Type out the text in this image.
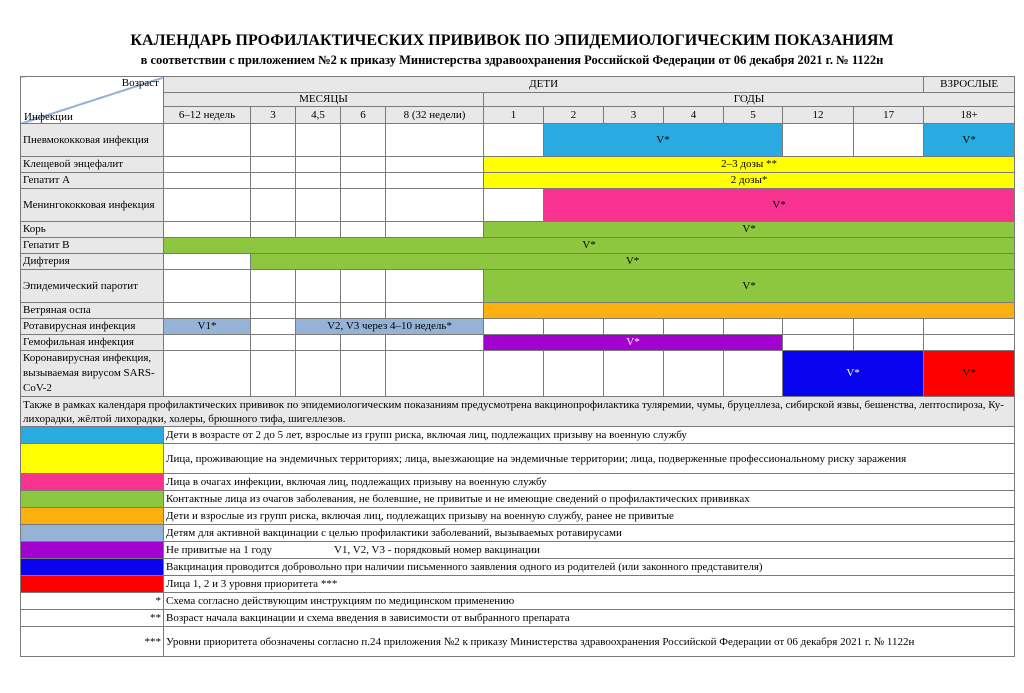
КАЛЕНДАРЬ ПРОФИЛАКТИЧЕСКИХ ПРИВИВОК ПО ЭПИДЕМИОЛОГИЧЕСКИМ ПОКАЗАНИЯМ
в соответствии с приложением №2 к приказу Министерства здравоохранения Российской Федерации от 06 декабря 2021 г. № 1122н
Возраст
Инфекции	ДЕТИ												ВЗРОСЛЫЕ
	МЕСЯЦЫ					ГОДЫ							
	6–12 недель	3	4,5	6	8 (32 недели)	1	2	3	4	5	12	17	18+
Пневмококковая инфекция							V*						V*
Клещевой энцефалит						2–3 дозы **							
Гепатит А						2 дозы*							
Менингококковая инфекция							V*						
Корь						V*							
Гепатит B	V*												
Дифтерия		V*											
Эпидемический паротит						V*							
Ветряная оспа													
Ротавирусная инфекция	V1*		V2, V3 через 4–10 недель*										
Гемофильная инфекция						V*							
Коронавирусная инфекция, вызываемая вирусом SARS-CoV-2											V*		V*
Также в рамках календаря профилактических прививок по эпидемиологическим показаниям предусмотрена вакцинопрофилактика туляремии, чумы, бруцеллеза, сибирской язвы, бешенства, лептоспироза, Ку-лихорадки, жёлтой лихорадки, холеры, брюшного тифа, шигеллезов.													
	Дети в возрасте от 2 до 5 лет, взрослые из групп риска, включая лиц, подлежащих призыву на военную службу												
	Лица, проживающие на эндемичных территориях; лица, выезжающие на эндемичные территории; лица, подверженные профессиональному риску заражения												
	Лица в очагах инфекции, включая лиц, подлежащих призыву на военную службу												
	Контактные лица из очагов заболевания, не болевшие, не привитые и не имеющие сведений о профилактических прививках												
	Дети и взрослые из групп риска, включая лиц, подлежащих призыву на военную службу, ранее не привитые												
	Детям для активной вакцинации с целью профилактики заболеваний, вызываемых ротавирусами												
	Не привитые на 1 году V1, V2, V3 - порядковый номер вакцинации												
	Вакцинация проводится добровольно при наличии письменного заявления одного из родителей (или законного представителя)												
	Лица 1, 2 и 3 уровня приоритета ***												
*	Схема согласно действующим инструкциям по медицинском применению												
**	Возраст начала вакцинации и схема введения в зависимости от выбранного препарата												
***	Уровни приоритета обозначены согласно п.24 приложения №2 к приказу Министерства здравоохранения Российской Федерации от 06 декабря 2021 г. № 1122н												
